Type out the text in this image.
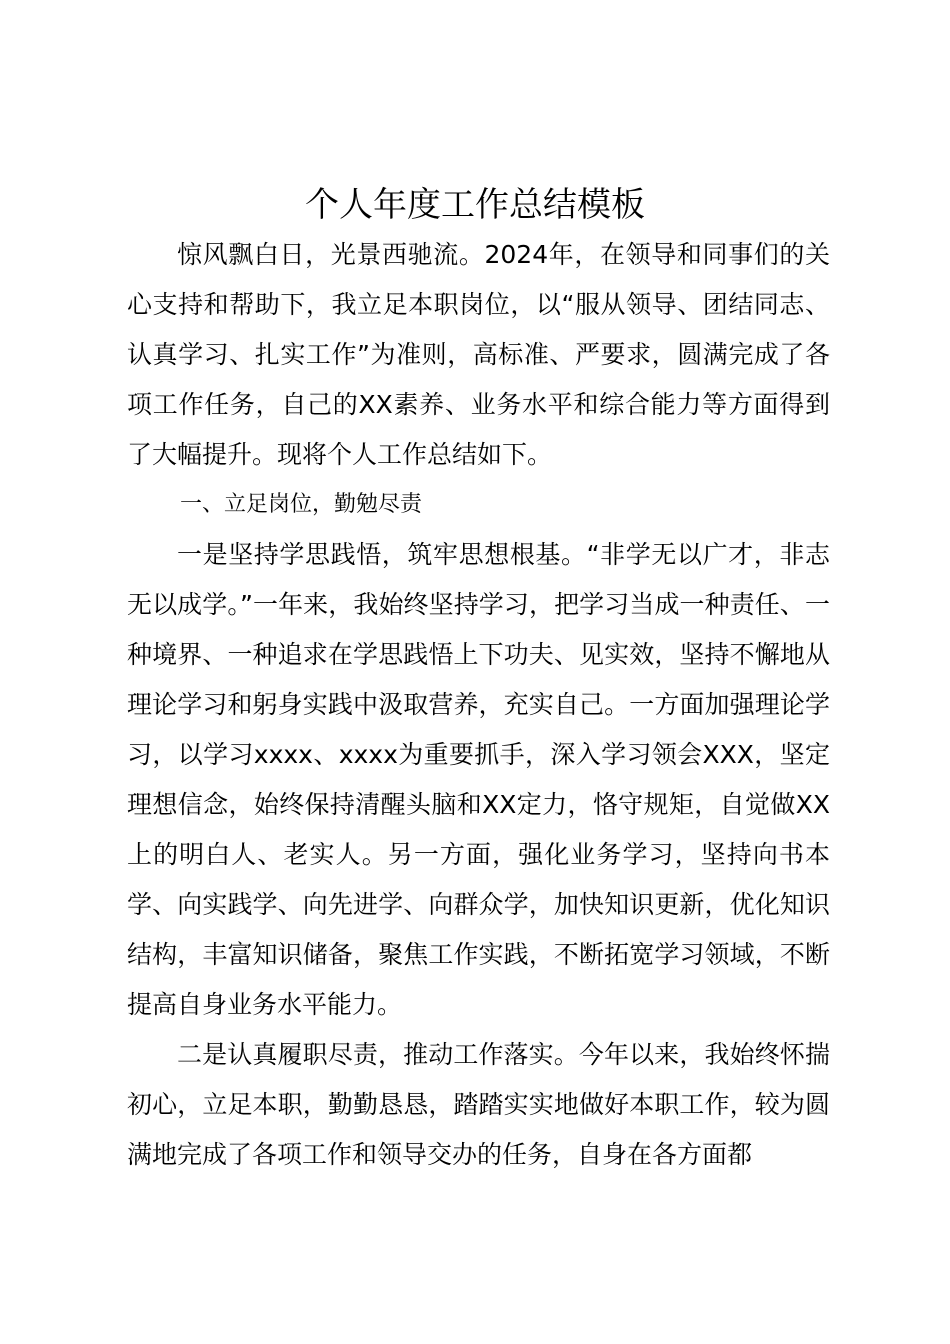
个人年度工作总结模板

惊风飘白日，光景西驰流。2024年，在领导和同事们的关心支持和帮助下，我立足本职岗位，以“服从领导、团结同志、认真学习、扎实工作”为准则，高标准、严要求，圆满完成了各项工作任务，自己的XX素养、业务水平和综合能力等方面得到了大幅提升。现将个人工作总结如下。

一、立足岗位，勤勉尽责

一是坚持学思践悟，筑牢思想根基。“非学无以广才，非志无以成学。”一年来，我始终坚持学习，把学习当成一种责任、一种境界、一种追求在学思践悟上下功夫、见实效，坚持不懈地从理论学习和躬身实践中汲取营养，充实自己。一方面加强理论学习，以学习xxxx、xxxx为重要抓手，深入学习领会XXX，坚定理想信念，始终保持清醒头脑和XX定力，恪守规矩，自觉做XX上的明白人、老实人。另一方面，强化业务学习，坚持向书本学、向实践学、向先进学、向群众学，加快知识更新，优化知识结构，丰富知识储备，聚焦工作实践，不断拓宽学习领域，不断提高自身业务水平能力。

二是认真履职尽责，推动工作落实。今年以来，我始终怀揣初心，立足本职，勤勤恳恳，踏踏实实地做好本职工作，较为圆满地完成了各项工作和领导交办的任务，自身在各方面都
